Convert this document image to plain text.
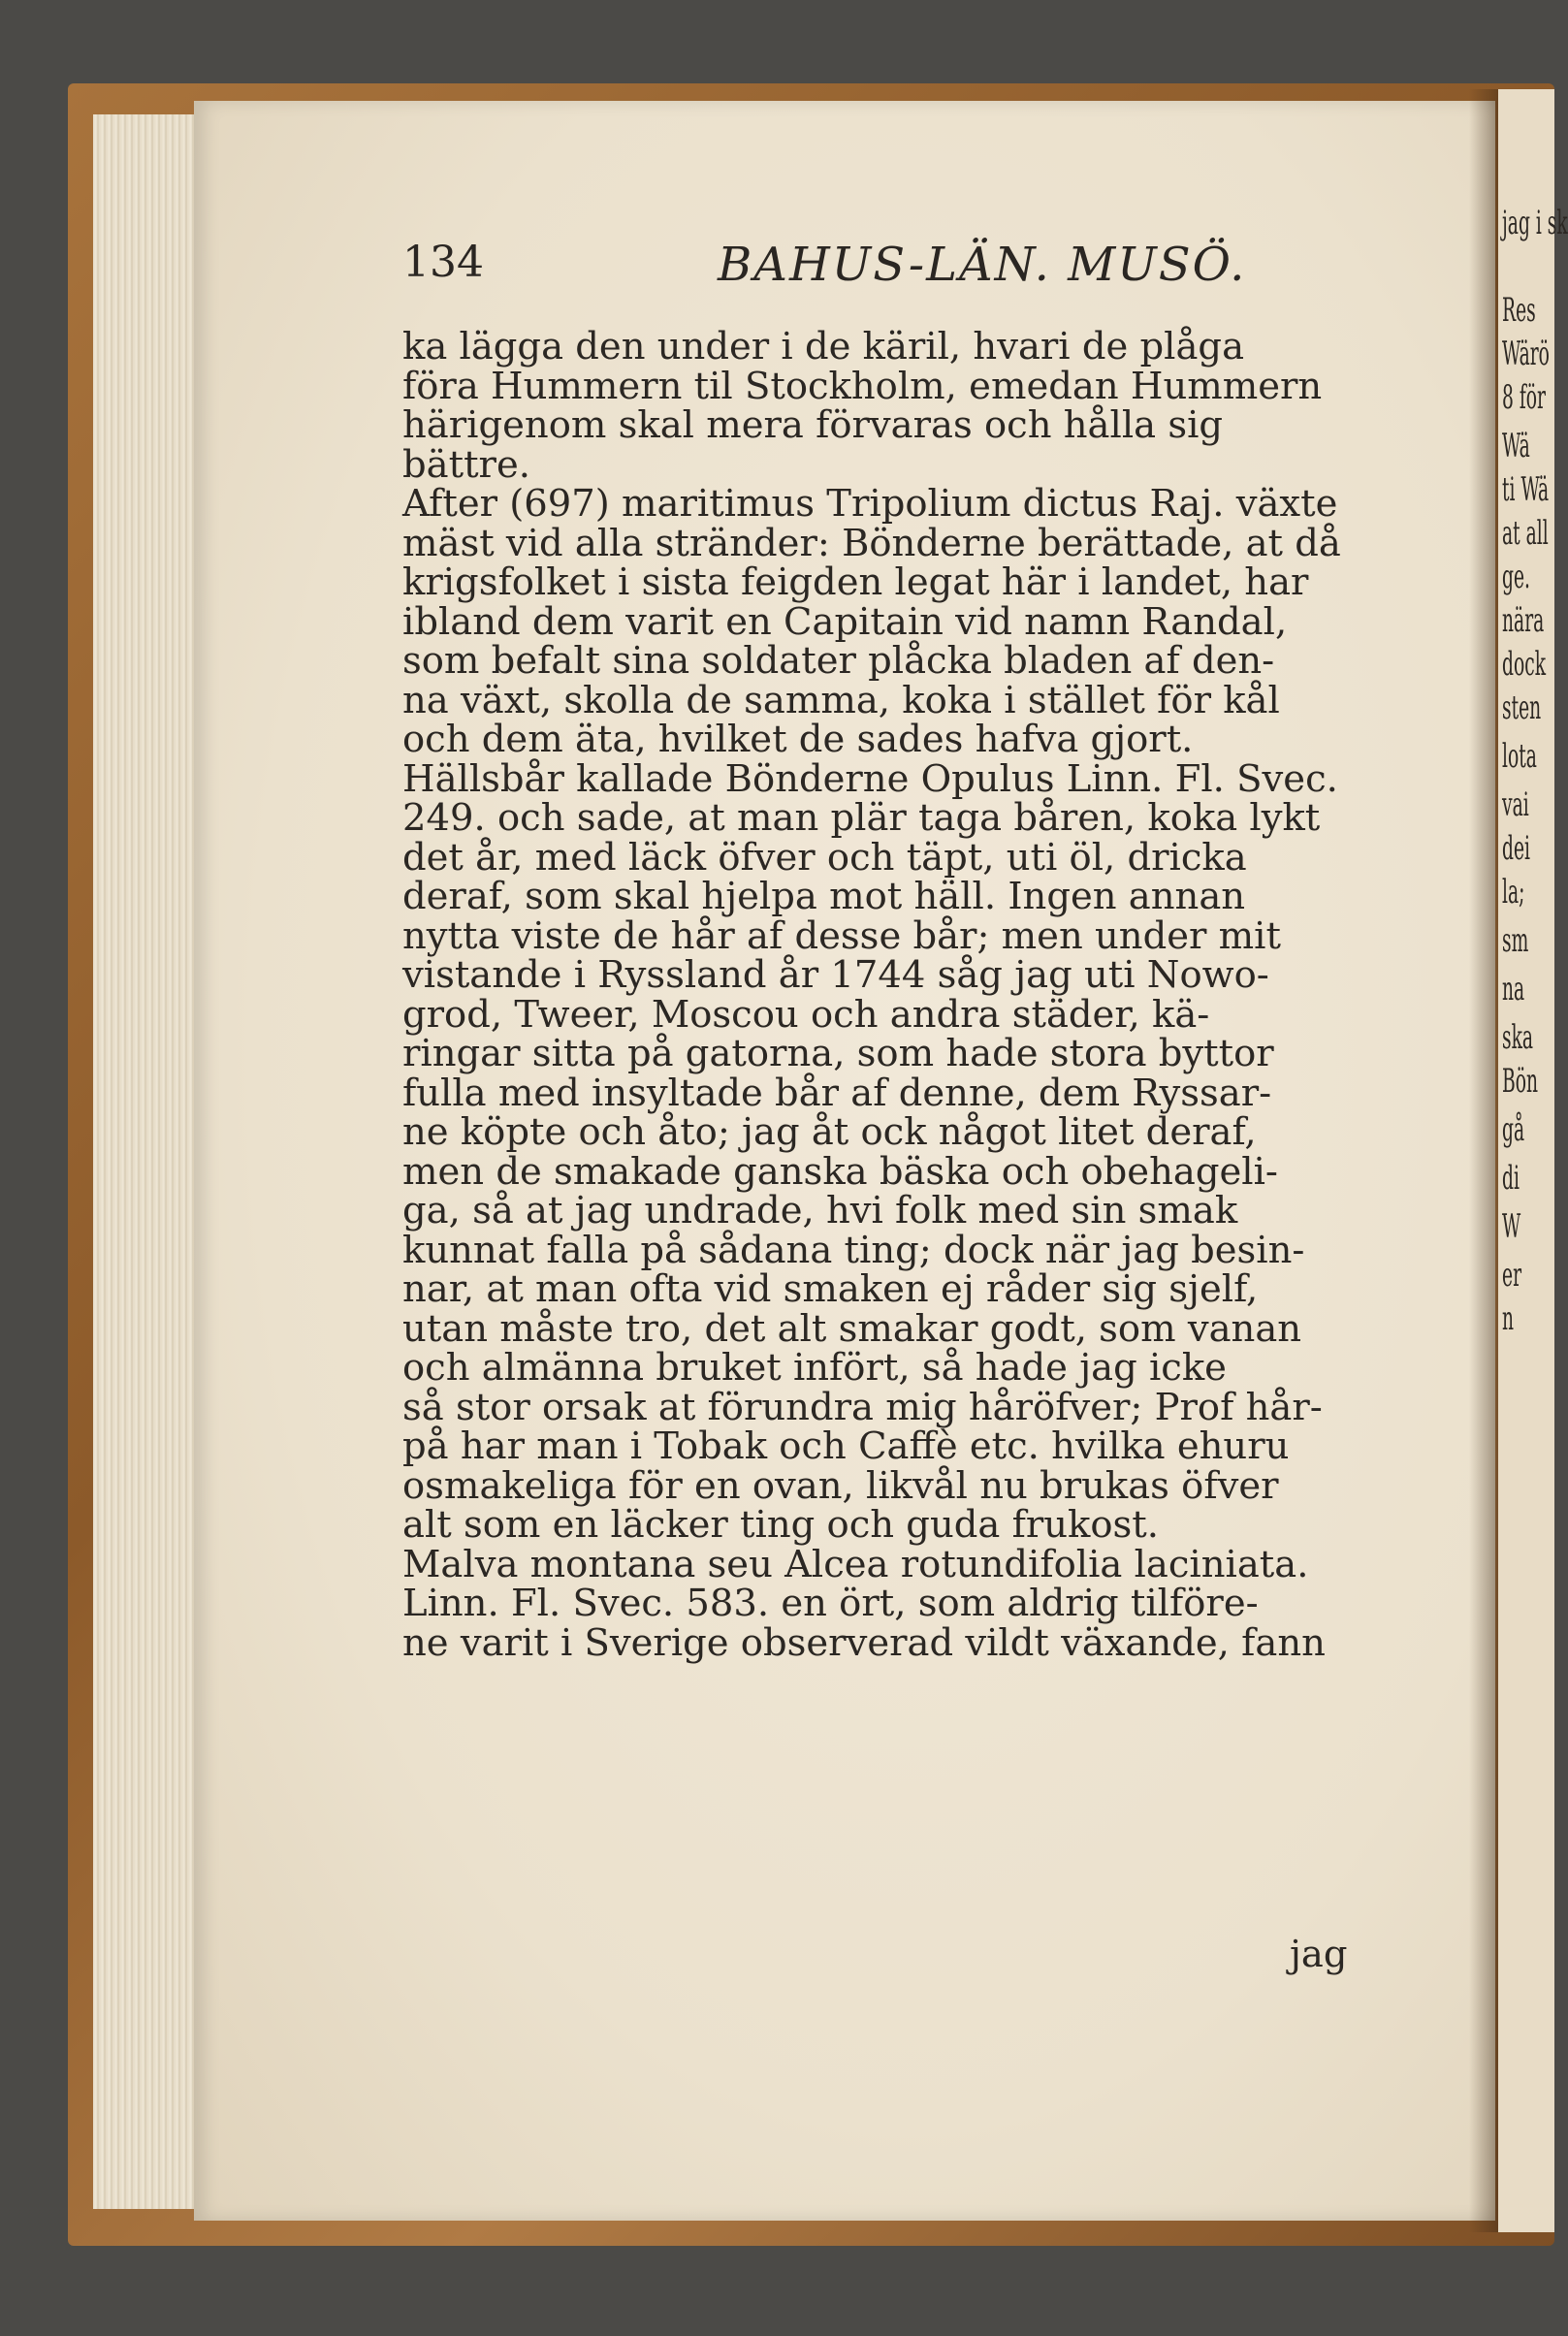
jag i sk
Res
Wärö
8 för
Wä
ti Wä
at all
ge.
nära
dock
sten
lota
vai
dei
la;
sm
na
ska
Bön
gå
di
W
er
n
134	BAHUS-LÄN. MUSÖ.
ka lägga den under i de käril, hvari de plåga
föra Hummern til Stockholm, emedan Hummern
härigenom skal mera förvaras och hålla sig
bättre.
After (697) maritimus Tripolium dictus Raj. växte
mäst vid alla stränder: Bönderne berättade, at då
krigsfolket i sista feigden legat här i landet, har
ibland dem varit en Capitain vid namn Randal,
som befalt sina soldater plåcka bladen af den-
na växt, skolla de samma, koka i stället för kål
och dem äta, hvilket de sades hafva gjort.
Hällsbår kallade Bönderne Opulus Linn. Fl. Svec.
249. och sade, at man plär taga båren, koka lykt
det år, med läck öfver och täpt, uti öl, dricka
deraf, som skal hjelpa mot häll. Ingen annan
nytta viste de hår af desse bår; men under mit
vistande i Ryssland år 1744 såg jag uti Nowo-
grod, Tweer, Moscou och andra städer, kä-
ringar sitta på gatorna, som hade stora byttor
fulla med insyltade bår af denne, dem Ryssar-
ne köpte och åto; jag åt ock något litet deraf,
men de smakade ganska bäska och obehageli-
ga, så at jag undrade, hvi folk med sin smak
kunnat falla på sådana ting; dock när jag besin-
nar, at man ofta vid smaken ej råder sig sjelf,
utan måste tro, det alt smakar godt, som vanan
och almänna bruket infört, så hade jag icke
så stor orsak at förundra mig håröfver; Prof hår-
på har man i Tobak och Caffè etc. hvilka ehuru
osmakeliga för en ovan, likvål nu brukas öfver
alt som en läcker ting och guda frukost.
Malva montana seu Alcea rotundifolia laciniata.
Linn. Fl. Svec. 583. en ört, som aldrig tilföre-
ne varit i Sverige observerad vildt växande, fann
jag
